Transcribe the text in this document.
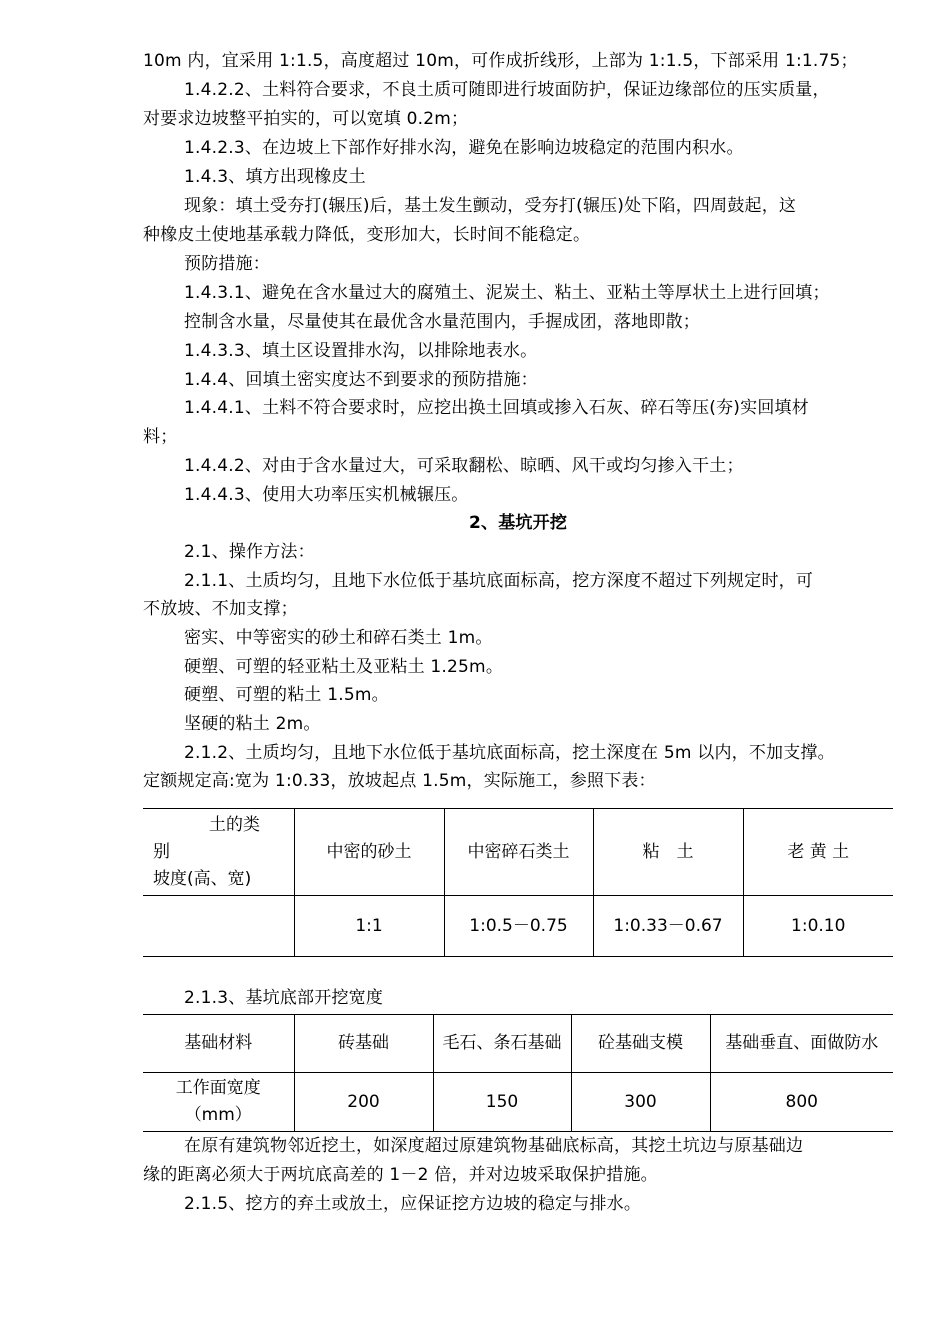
10m 内，宜采用 1:1.5，高度超过 10m，可作成折线形，上部为 1:1.5，下部采用 1:1.75；
1.4.2.2、土料符合要求，不良土质可随即进行坡面防护，保证边缘部位的压实质量，
对要求边坡整平拍实的，可以宽填 0.2m；
1.4.2.3、在边坡上下部作好排水沟，避免在影响边坡稳定的范围内积水。
1.4.3、填方出现橡皮土
现象：填土受夯打(辗压)后，基土发生颤动，受夯打(辗压)处下陷，四周鼓起，这
种橡皮土使地基承载力降低，变形加大，长时间不能稳定。
预防措施：
1.4.3.1、避免在含水量过大的腐殖土、泥炭土、粘土、亚粘土等厚状土上进行回填；
控制含水量，尽量使其在最优含水量范围内，手握成团，落地即散；
1.4.3.3、填土区设置排水沟，以排除地表水。
1.4.4、回填土密实度达不到要求的预防措施：
1.4.4.1、土料不符合要求时，应挖出换土回填或掺入石灰、碎石等压(夯)实回填材
料；
1.4.4.2、对由于含水量过大，可采取翻松、晾晒、风干或均匀掺入干土；
1.4.4.3、使用大功率压实机械辗压。
2、基坑开挖
2.1、操作方法：
2.1.1、土质均匀，且地下水位低于基坑底面标高，挖方深度不超过下列规定时，可
不放坡、不加支撑；
密实、中等密实的砂土和碎石类土 1m。
硬塑、可塑的轻亚粘土及亚粘土 1.25m。
硬塑、可塑的粘土 1.5m。
坚硬的粘土 2m。
2.1.2、土质均匀，且地下水位低于基坑底面标高，挖土深度在 5m 以内，不加支撑。
定额规定高:宽为 1:0.33，放坡起点 1.5m，实际施工，参照下表：
土的类
别
坡度(高、宽)	中密的砂土	中密碎石类土	粘　土	老 黄 土
	1:1	1:0.5－0.75	1:0.33－0.67	1:0.10
2.1.3、基坑底部开挖宽度
基础材料	砖基础	毛石、条石基础	砼基础支模	基础垂直、面做防水
工作面宽度（mm）	200	150	300	800
在原有建筑物邻近挖土，如深度超过原建筑物基础底标高，其挖土坑边与原基础边
缘的距离必须大于两坑底高差的 1－2 倍，并对边坡采取保护措施。
2.1.5、挖方的弃土或放土，应保证挖方边坡的稳定与排水。
